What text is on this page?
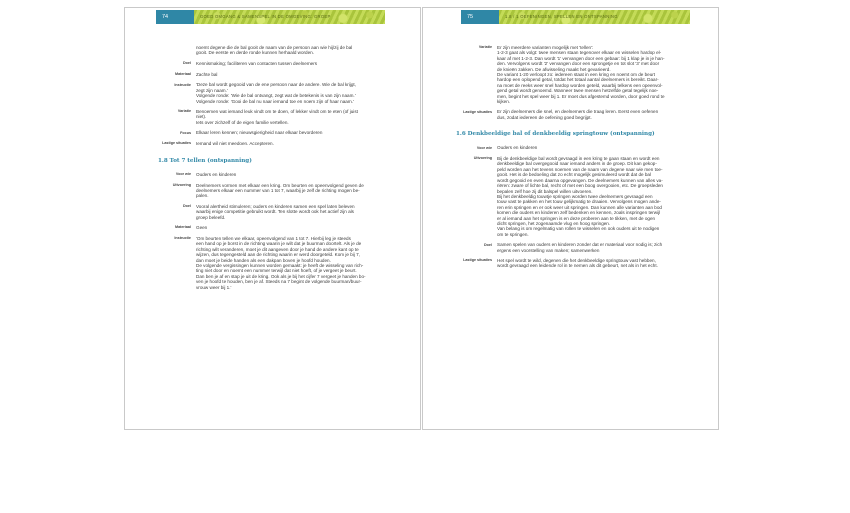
74	GOED OMGANG & SAMENSPEL IN DE OMGEVING: GROEP

noemt degene die de bal gooit de naam van de persoon aan wie hij/zij de bal

gooit. De eerste en derde ronde kunnen herhaald worden.

Doel	Kennismaking; faciliteren van contacten tussen deelnemers

Materiaal	Zachte bal

Instructie	'Deze bal wordt gegooid van de ene persoon naar de andere. Wie de bal krijgt,

zegt zijn naam.'

Volgende ronde: 'Wie de bal ontvangt, zegt wat de betekenis is van zijn naam.'

Volgende ronde: 'Gooi de bal nu naar iemand toe en noem zijn of haar naam.'

Variatie	Benoemen wat iemand leuk vindt om te doen, of lekker vindt om te eten (of juist

niet).

Iets over zichzelf of de eigen familie vertellen.

Focus	Elkaar leren kennen; nieuwsgierigheid naar elkaar bevorderen

Lastige situaties	Iemand wil niet meedoen. Accepteren.

1.8 Tot 7 tellen (ontspanning)
Voor wie	Ouders en kinderen

Uitvoering	Deelnemers vormen met elkaar een kring. Om beurten en opeenvolgend geven de

deelnemers elkaar een nummer van 1 tot 7, waarbij je zelf de richting mogen be-

palen.

Doel	Vooral alertheid stimuleren; ouders en kinderen samen een spel laten beleven

waarbij enige competitie gebruikt wordt. Ten slotte wordt ook het actief zijn als

groep beleefd.

Materiaal	Geen

Instructie	'Om beurten tellen we elkaar, opeenvolgend van 1 tot 7. Hierbij leg je steeds

een hand op je borst in de richting waarin je wilt dat je buurman doortelt. Als je de

richting wilt veranderen, moet je dit aangeven door je hand de andere kant op te

wijzen, dus tegengesteld aan de richting waarin er werd doorgeteld. Kom je bij 7,

dan moet je beide handen als een dakpan boven je hoofd houden.

De volgende vergissingen kunnen worden gemaakt: je heeft de wisseling van rich-

ting niet door en noemt een nummer terwijl dat niet hoeft, of je vergeet je beurt.

Dan ben je af en stap je uit de kring. Ook als je bij het cijfer 7 vergeet je handen bo-

ven je hoofd te houden, ben je af. Steeds na 7 begint de volgende buurman/buur-

vrouw weer bij 1.'

75	1.8 / 1 OEFENINGEN, SPELLEN EN ONTSPANNING
Variatie	Er zijn meerdere varianten mogelijk met 'tellen':

1-2-3 gaat als volgt: twee mensen staan tegenover elkaar en wisselen hardop el-

kaar af met 1-2-3. Dan wordt '1' vervangen door een gebaar: bij 1 klap je in je han-

den. Vervolgens wordt '2' vervangen door een sprongetje en tot slot '3' met door

de knieën zakken. De afwisseling maakt het gevarieerd.

De variant 1-20 verloopt zo: iedereen staat in een kring en noemt om de beurt

hardop een oplopend getal, totdat het totaal aantal deelnemers is bereikt. Daar-

na moet de reeks weer snel hardop worden geteld, waarbij telkens een opeenvol-

gend getal wordt genoemd. Wanneer twee mensen hetzelfde getal tegelijk noe-

men, begint het spel weer bij 1. Er moet dus afgestemd worden, door goed rond te

kijken.

Lastige situaties	Er zijn deelnemers die snel, en deelnemers die traag leren. Eerst even oefenen

dus, zodat iedereen de oefening goed begrijpt.

1.6 Denkbeeldige bal of denkbeeldig springtouw (ontspanning)
Voor wie	Ouders en kinderen

Uitvoering	Bij de denkbeeldige bal wordt gevraagd in een kring te gaan staan en wordt een

denkbeeldige bal overgegooid naar iemand anders in de groep. Dit kan gekop-

peld worden aan het tevens noemen van de naam van degene naar wie men toe-

gooit. Het is de bedoeling dat zo echt mogelijk gesimuleerd wordt dat de bal

wordt gegooid en even daarna opgevangen. De deelnemers kunnen van alles va-

riëren: zware of lichte bal, recht of met een boog overgooien, etc. De groepsleden

bepalen zelf hoe zij dit balspel willen uitvoeren.

Bij het denkbeeldig touwtje springen worden twee deelnemers gevraagd een

touw vast te pakken en het touw gelijkmatig te draaien. Vervolgens mogen ande-

ren erin springen en er ook weer uit springen. Dan kunnen alle varianten aan bod

komen die ouders en kinderen zelf bedenken en kennen, zoals inspringen terwijl

er al iemand aan het springen is en deze proberen aan te tikken, met de ogen

dicht springen, het zogenaamde vlug en hoog springen.

Van belang is om regelmatig van rollen te wisselen en ook ouders uit te nodigen

om te springen.

Doel	Samen spelen van ouders en kinderen zonder dat er materiaal voor nodig is; zich

ergens een voorstelling van maken; samenwerken

Lastige situaties	Het spel wordt te wild, degenen die het denkbeeldige springtouw vast hebben,

wordt gevraagd een leidende rol in te nemen als dit gebeurt, net als in het echt.
